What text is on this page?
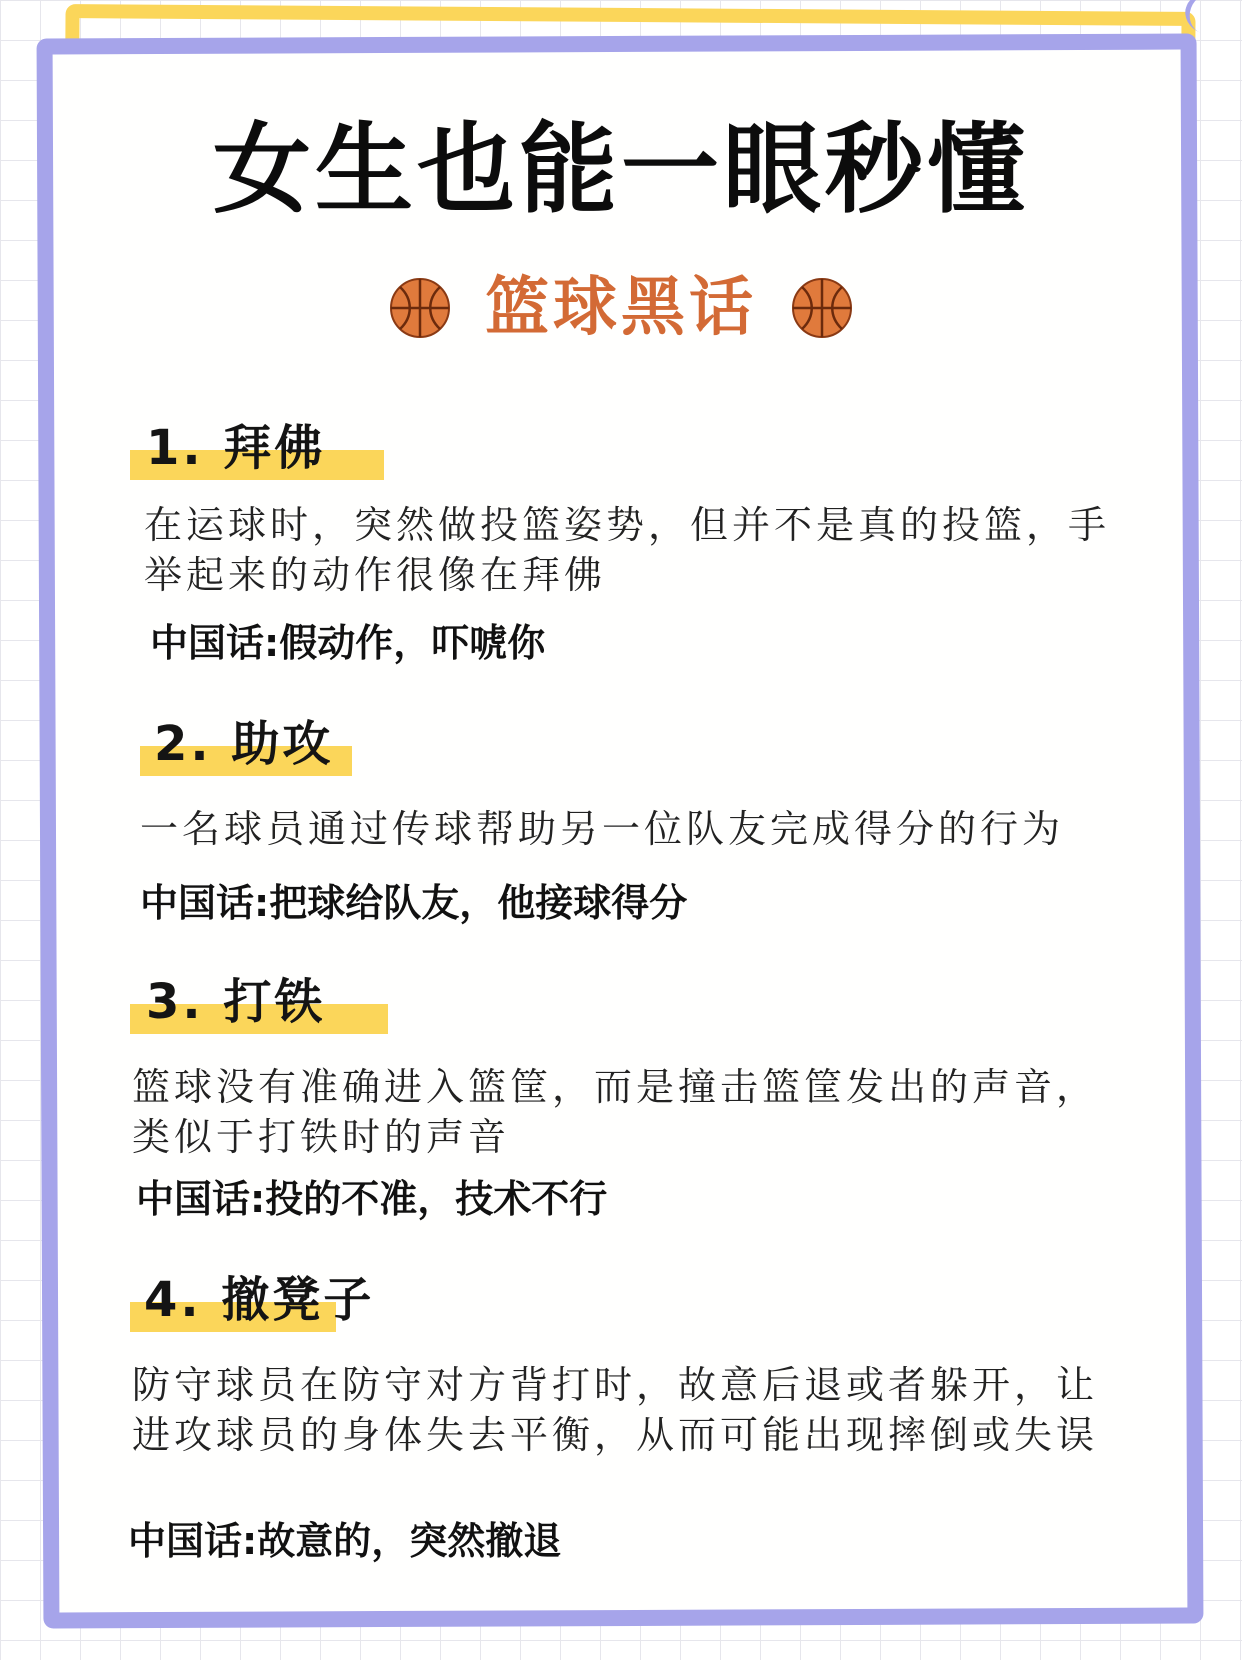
女生也能一眼秒懂
篮球黑话
1. 拜佛

在运球时，突然做投篮姿势，但并不是真的投篮，手举起来的动作很像在拜佛

中国话:假动作，吓唬你
2. 助攻

一名球员通过传球帮助另一位队友完成得分的行为

中国话:把球给队友，他接球得分
3. 打铁

篮球没有准确进入篮筐，而是撞击篮筐发出的声音，类似于打铁时的声音

中国话:投的不准，技术不行
4. 撤凳子

防守球员在防守对方背打时，故意后退或者躲开，让进攻球员的身体失去平衡，从而可能出现摔倒或失误

中国话:故意的，突然撤退
